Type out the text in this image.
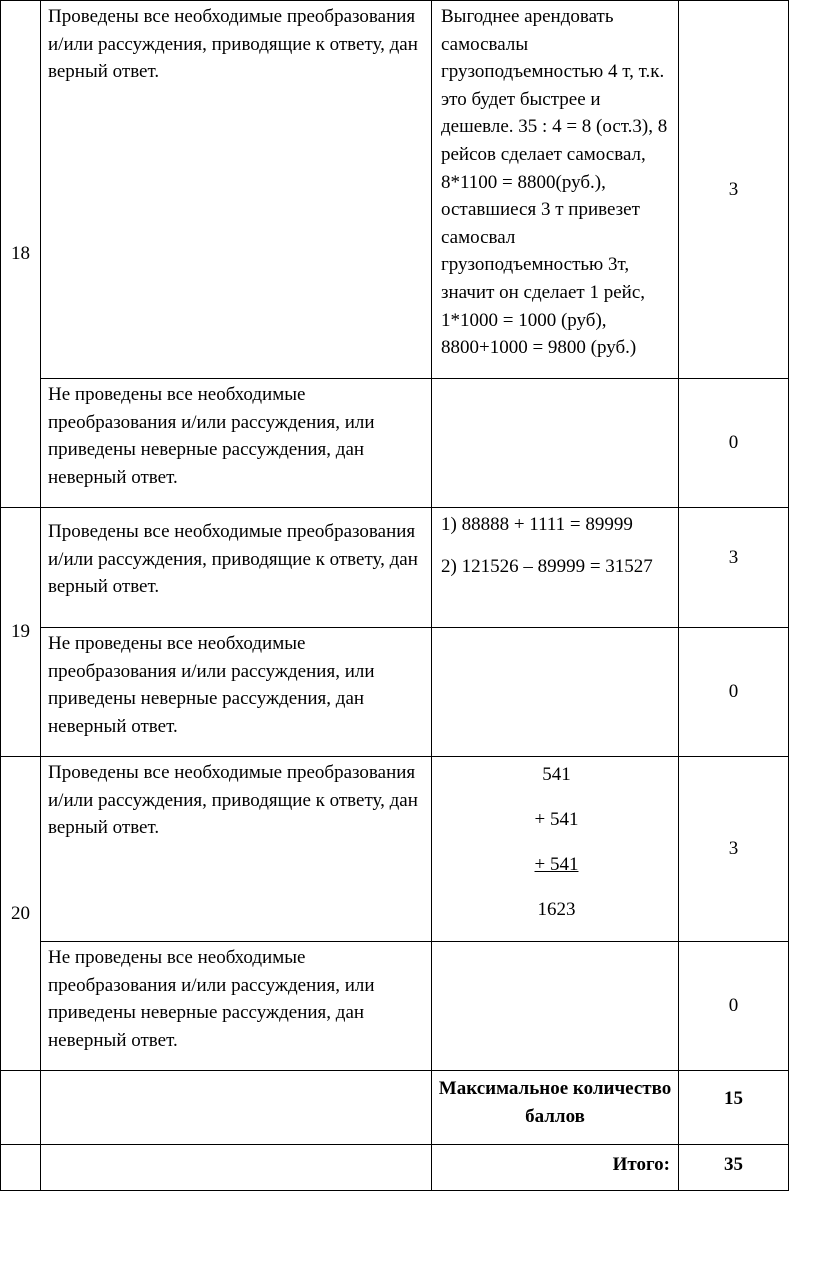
18	Проведены все необходимые преобразования и/или рассуждения, приводящие к ответу, дан верный ответ.	Выгоднее арендовать самосвалы грузоподъемностью 4 т, т.к. это будет быстрее и дешевле. 35 : 4 = 8 (ост.3), 8 рейсов сделает самосвал, 8*1100 = 8800(руб.), оставшиеся 3 т привезет самосвал грузоподъемностью 3т, значит он сделает 1 рейс, 1*1000 = 1000 (руб), 8800+1000 = 9800 (руб.)	3
	Не проведены все необходимые преобразования и/или рассуждения, или приведены неверные рассуждения, дан неверный ответ.		0
19	Проведены все необходимые преобразования и/или рассуждения, приводящие к ответу, дан верный ответ.	1) 88888 + 1111 = 89999

2) 121526 – 89999 = 31527	3
	Не проведены все необходимые преобразования и/или рассуждения, или приведены неверные рассуждения, дан неверный ответ.		0
20	Проведены все необходимые преобразования и/или рассуждения, приводящие к ответу, дан верный ответ.	541
+ 541
+ 541
1623	3
	Не проведены все необходимые преобразования и/или рассуждения, или приведены неверные рассуждения, дан неверный ответ.		0
		Максимальное количество баллов	15
		Итого:	35
